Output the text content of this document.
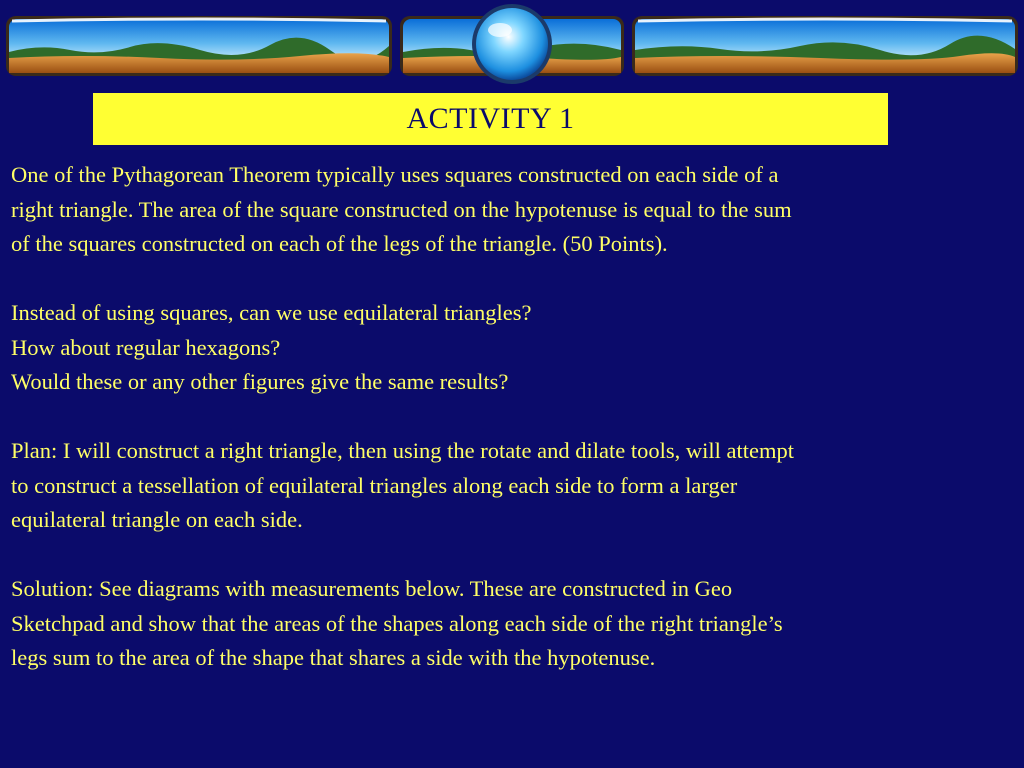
ACTIVITY 1

One of the Pythagorean Theorem typically uses squares constructed on each side of a
right triangle. The area of the square constructed on the hypotenuse is equal to the sum
of the squares constructed on each of the legs of the triangle. (50 Points).

Instead of using squares, can we use equilateral triangles?
How about regular hexagons?
Would these or any other figures give the same results?

Plan: I will construct a right triangle, then using the rotate and dilate tools, will attempt
to construct a tessellation of equilateral triangles along each side to form a larger
equilateral triangle on each side.

Solution: See diagrams with measurements below. These are constructed in Geo
Sketchpad and show that the areas of the shapes along each side of the right triangle’s
legs sum to the area of the shape that shares a side with the hypotenuse.
